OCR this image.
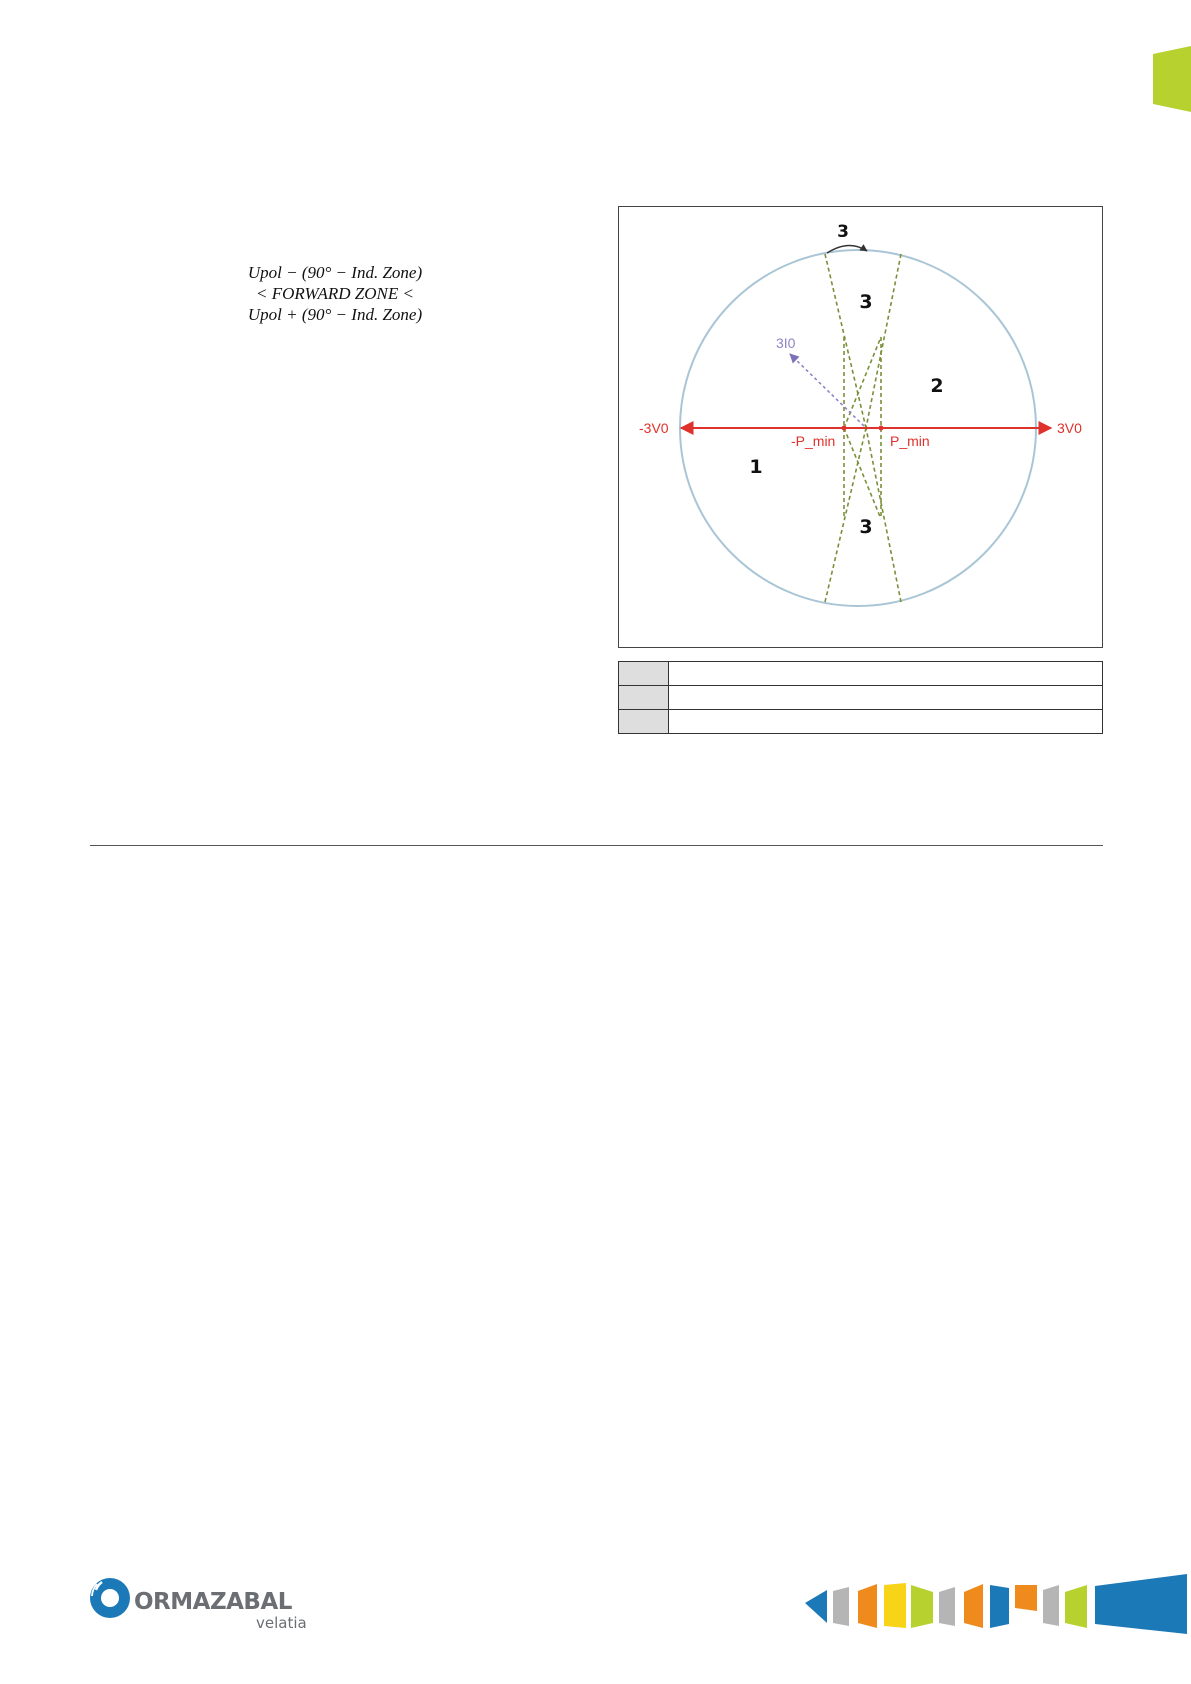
Upol − (90° − Ind. Zone)
< FORWARD ZONE <
Upol + (90° − Ind. Zone)
3
3
2
1
3
3I0
-3V0	3V0
-P_min	P_min

ORMAZABAL
velatia
